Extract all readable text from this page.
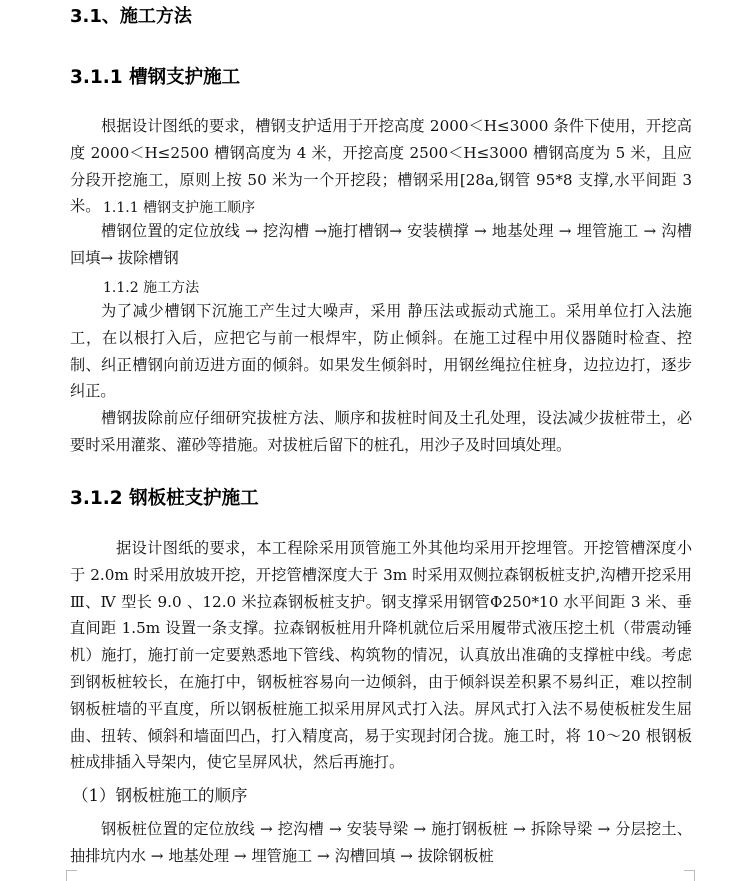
3.1、施工方法
3.1.1 槽钢支护施工

根据设计图纸的要求，槽钢支护适用于开挖高度 2000＜H≤3000 条件下使用，开挖高度 2000＜H≤2500 槽钢高度为 4 米，开挖高度 2500＜H≤3000 槽钢高度为 5 米，且应分段开挖施工，原则上按 50 米为一个开挖段；槽钢采用[28a,钢管 95*8 支撑,水平间距 3 米。 1.1.1 槽钢支护施工顺序

槽钢位置的定位放线 → 挖沟槽 →施打槽钢→ 安装横撑 → 地基处理 → 埋管施工 → 沟槽回填→ 拔除槽钢

1.1.2 施工方法

为了减少槽钢下沉施工产生过大噪声，采用 静压法或振动式施工。采用单位打入法施工，在以根打入后，应把它与前一根焊牢，防止倾斜。在施工过程中用仪器随时检查、控制、纠正槽钢向前迈进方面的倾斜。如果发生倾斜时，用钢丝绳拉住桩身，边拉边打，逐步纠正。

槽钢拔除前应仔细研究拔桩方法、顺序和拔桩时间及土孔处理，设法减少拔桩带土，必要时采用灌浆、灌砂等措施。对拔桩后留下的桩孔，用沙子及时回填处理。

3.1.2 钢板桩支护施工

据设计图纸的要求，本工程除采用顶管施工外其他均采用开挖埋管。开挖管槽深度小于 2.0m 时采用放坡开挖，开挖管槽深度大于 3m 时采用双侧拉森钢板桩支护,沟槽开挖采用Ⅲ、Ⅳ 型长 9.0 、12.0 米拉森钢板桩支护。钢支撑采用钢管Φ250*10 水平间距 3 米、垂直间距 1.5m 设置一条支撑。拉森钢板桩用升降机就位后采用履带式液压挖土机（带震动锤机）施打，施打前一定要熟悉地下管线、构筑物的情况，认真放出准确的支撑桩中线。考虑到钢板桩较长，在施打中，钢板桩容易向一边倾斜，由于倾斜误差积累不易纠正，难以控制钢板桩墙的平直度，所以钢板桩施工拟采用屏风式打入法。屏风式打入法不易使板桩发生屈曲、扭转、倾斜和墙面凹凸，打入精度高，易于实现封闭合拢。施工时，将 10～20 根钢板桩成排插入导架内，使它呈屏风状，然后再施打。

（1）钢板桩施工的顺序

钢板桩位置的定位放线 → 挖沟槽 → 安装导梁 → 施打钢板桩 → 拆除导梁 → 分层挖土、抽排坑内水 → 地基处理 → 埋管施工 → 沟槽回填 → 拔除钢板桩
